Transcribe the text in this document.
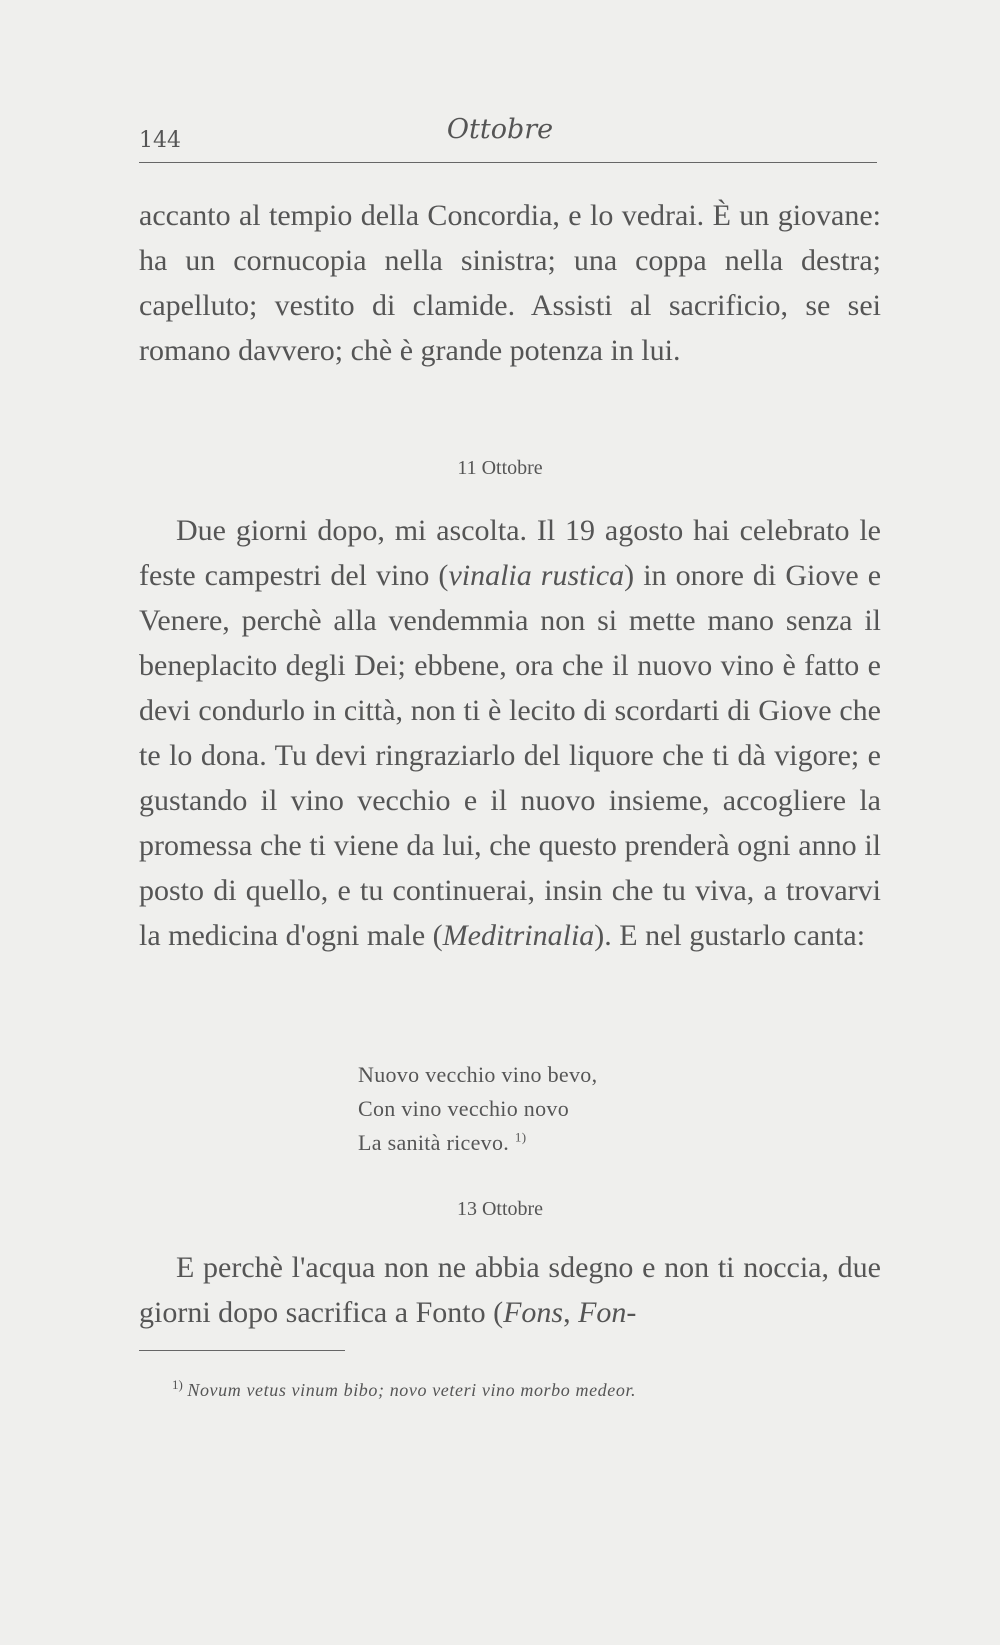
144	Ottobre

accanto al tempio della Concordia, e lo vedrai. È un giovane: ha un cornucopia nella sinistra; una coppa nella destra; capelluto; vestito di clamide. Assisti al sacrificio, se sei romano davvero; chè è grande potenza in lui.

11 Ottobre

Due giorni dopo, mi ascolta. Il 19 agosto hai celebrato le feste campestri del vino (vinalia rustica) in onore di Giove e Venere, perchè alla vendemmia non si mette mano senza il beneplacito degli Dei; ebbene, ora che il nuovo vino è fatto e devi condurlo in città, non ti è lecito di scordarti di Giove che te lo dona. Tu devi ringraziarlo del liquore che ti dà vigore; e gustando il vino vecchio e il nuovo insieme, accogliere la promessa che ti viene da lui, che questo prenderà ogni anno il posto di quello, e tu continuerai, insin che tu viva, a trovarvi la medicina d'ogni male (Meditrinalia). E nel gustarlo canta:

Nuovo vecchio vino bevo,
Con vino vecchio novo
La sanità ricevo. $^{1)}$
13 Ottobre

E perchè l'acqua non ne abbia sdegno e non ti noccia, due giorni dopo sacrifica a Fonto (Fons, Fon-

$^{1)}$ Novum vetus vinum bibo; novo veteri vino morbo medeor.
